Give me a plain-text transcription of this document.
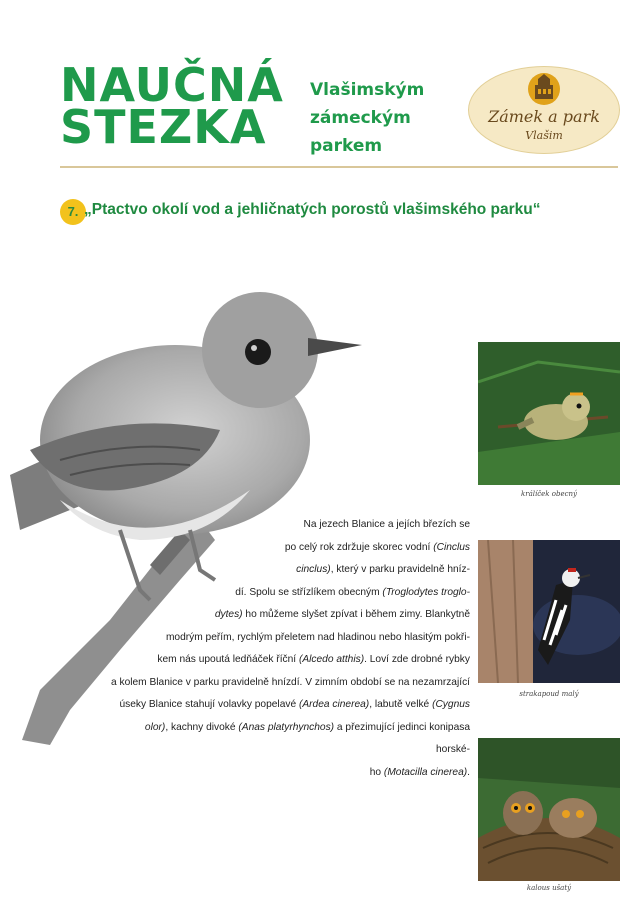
NAUČNÁ
STEZKA
Vlašimským
zámeckým
parkem
Zámek a park
Vlašim
7. „Ptactvo okolí vod a jehličnatých porostů vlašimského parku“
Na jezech Blanice a jejích březích se
po celý rok zdržuje skorec vodní (Cinclus
cinclus), který v parku pravidelně hníz-
dí. Spolu se střízlíkem obecným (Troglodytes troglo-
dytes) ho můžeme slyšet zpívat i během zimy. Blankytně
modrým peřím, rychlým přeletem nad hladinou nebo hlasitým pokři-
kem nás upoutá ledňáček říční (Alcedo atthis). Loví zde drobné rybky
a kolem Blanice v parku pravidelně hnízdí. V zimním období se na nezamrzající
úseky Blanice stahují volavky popelavé (Ardea cinerea), labutě velké (Cygnus
olor), kachny divoké (Anas platyrhynchos) a přezimující jedinci konipasa horské-
ho (Motacilla cinerea).
králíček obecný
strakapoud malý
kalous ušatý
